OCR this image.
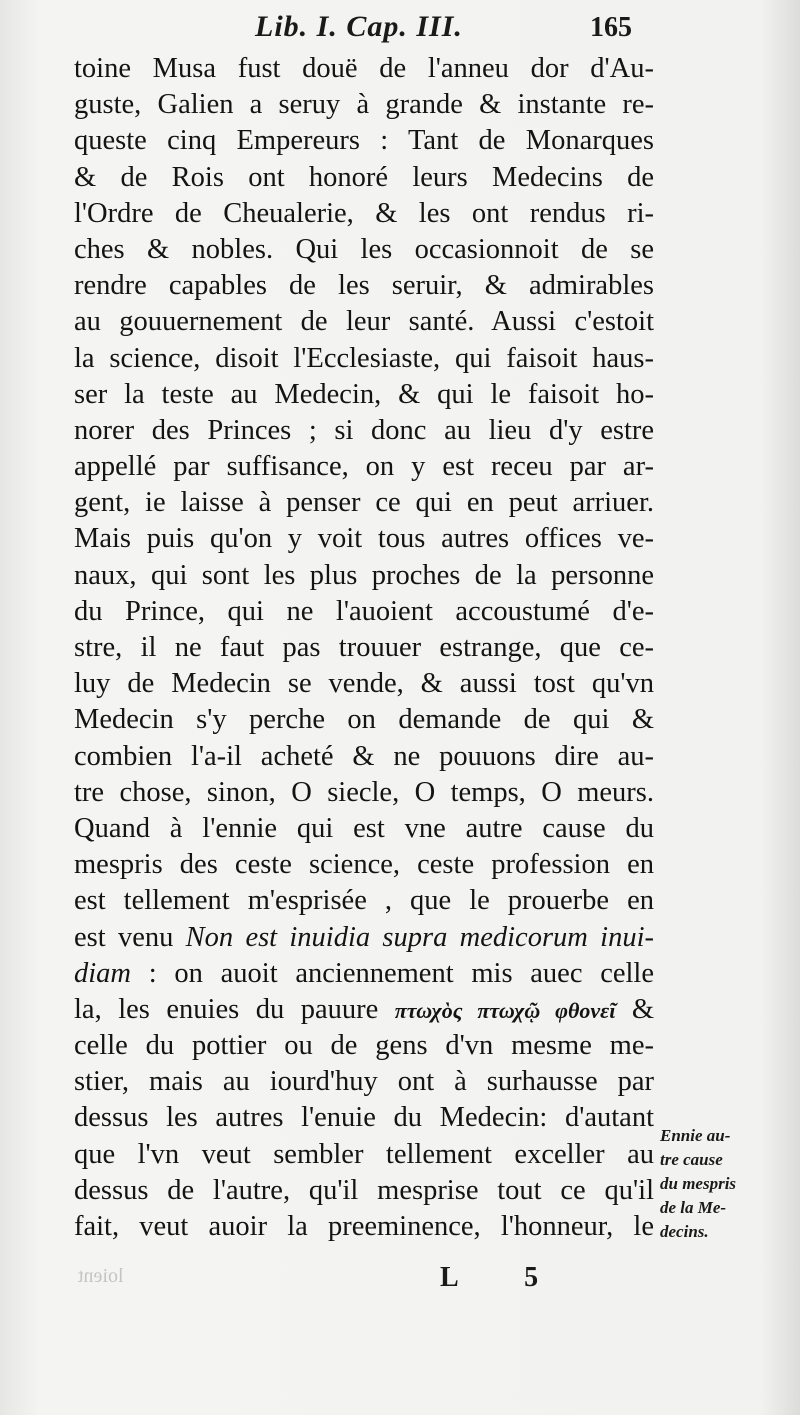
Lib. I. Cap. III.	165
toine Musa fust douë de l'anneu dor d'Au-
guste, Galien a seruy à grande & instante re-
queste cinq Empereurs : Tant de Monarques
& de Rois ont honoré leurs Medecins de
l'Ordre de Cheualerie, & les ont rendus ri-
ches & nobles. Qui les occasionnoit de se
rendre capables de les seruir, & admirables
au gouuernement de leur santé. Aussi c'estoit
la science, disoit l'Ecclesiaste, qui faisoit haus-
ser la teste au Medecin, & qui le faisoit ho-
norer des Princes ; si donc au lieu d'y estre
appellé par suffisance, on y est receu par ar-
gent, ie laisse à penser ce qui en peut arriuer.
Mais puis qu'on y voit tous autres offices ve-
naux, qui sont les plus proches de la personne
du Prince, qui ne l'auoient accoustumé d'e-
stre, il ne faut pas trouuer estrange, que ce-
luy de Medecin se vende, & aussi tost qu'vn
Medecin s'y perche on demande de qui &
combien l'a-il acheté & ne pouuons dire au-
tre chose, sinon, O siecle, O temps, O meurs.
Quand à l'ennie qui est vne autre cause du
mespris des ceste science, ceste profession en
est tellement m'esprisée , que le prouerbe en
est venu Non est inuidia supra medicorum inui-
diam : on auoit anciennement mis auec celle
la, les enuies du pauure πτωχὸς πτωχῷ φθονεῖ &
celle du pottier ou de gens d'vn mesme me-
stier, mais au iourd'huy ont à surhausse par
dessus les autres l'enuie du Medecin: d'autant
que l'vn veut sembler tellement exceller au
dessus de l'autre, qu'il mesprise tout ce qu'il
fait, veut auoir la preeminence, l'honneur, le
Ennie au-
tre cause
du mespris
de la Me-
decins.
loient	L 5
